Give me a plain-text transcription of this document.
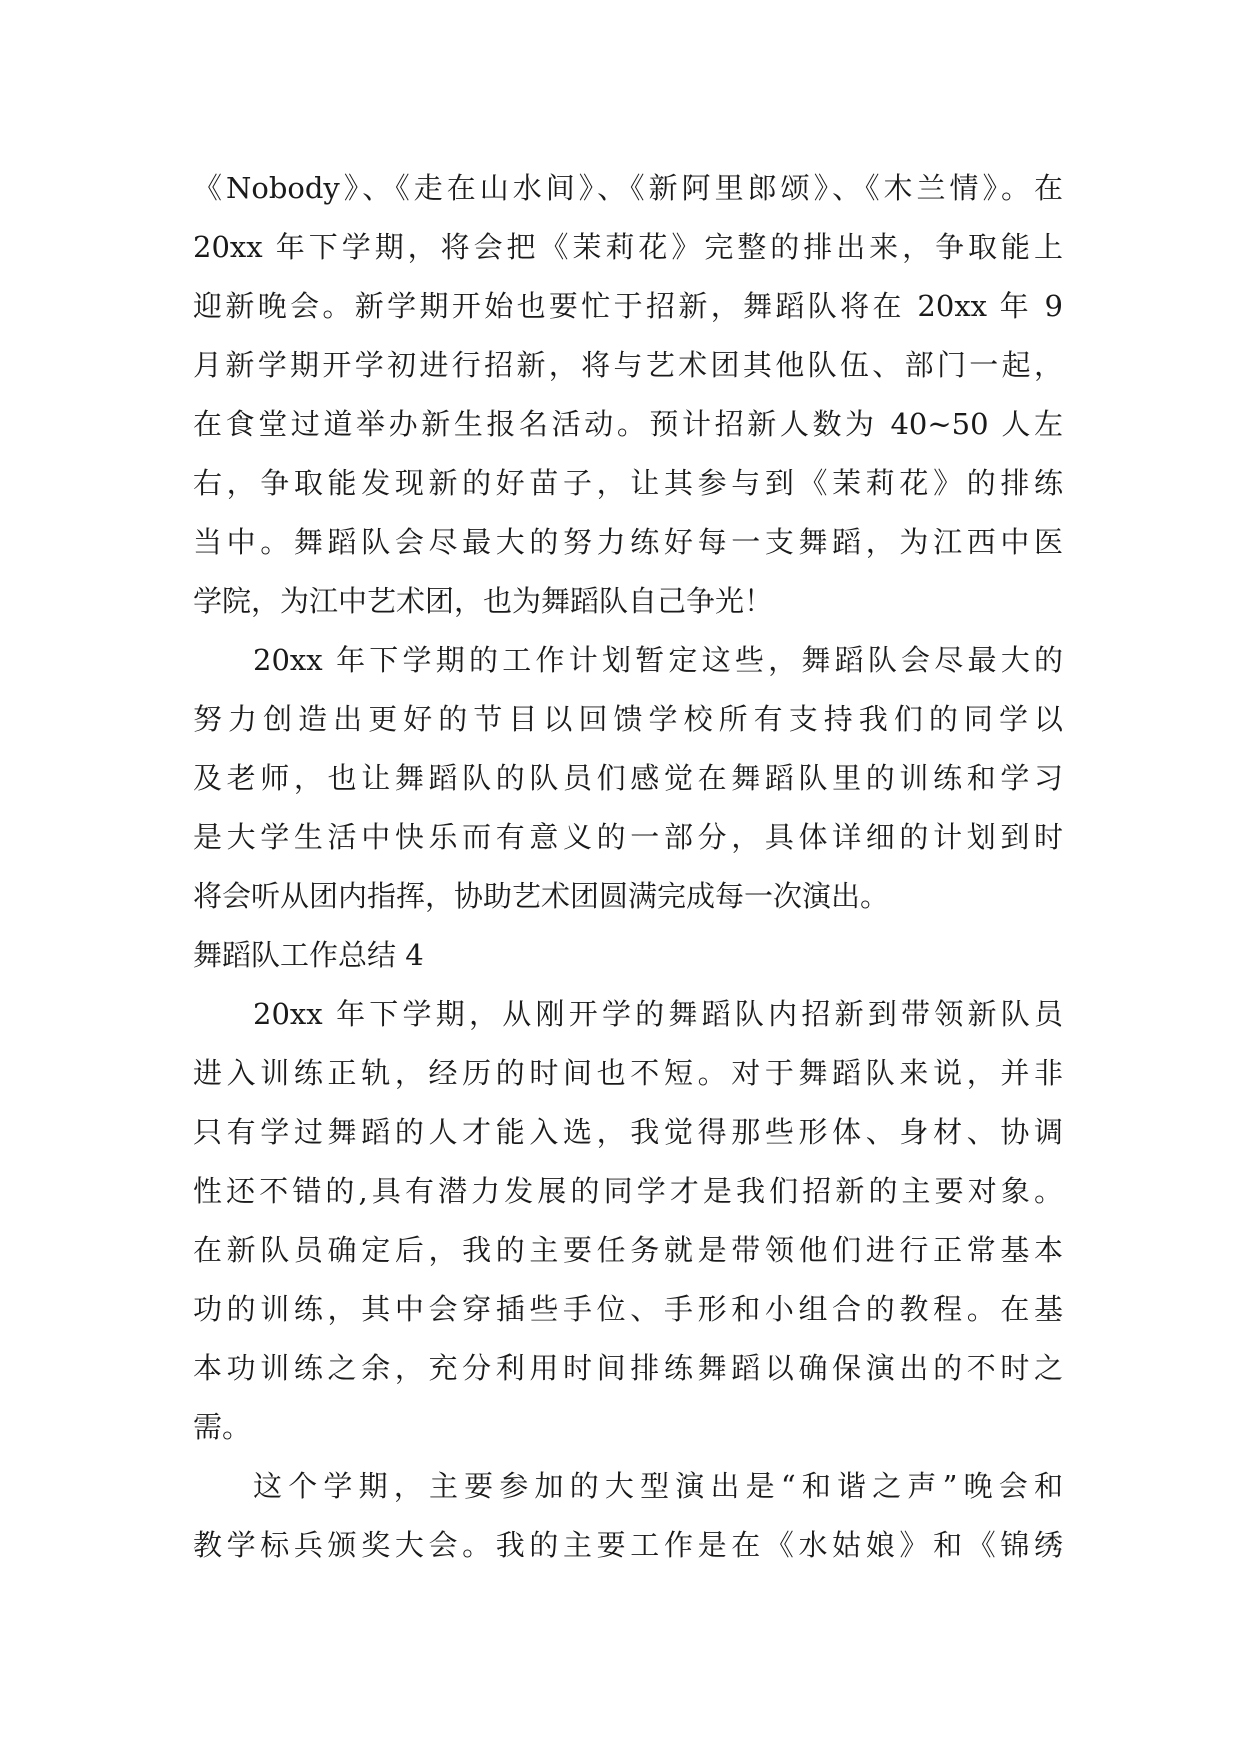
《Nobody》、《走在山水间》、《新阿里郎颂》、《木兰情》。在
20xx 年下学期，将会把《茉莉花》完整的排出来，争取能上
迎新晚会。新学期开始也要忙于招新，舞蹈队将在 20xx 年 9
月新学期开学初进行招新，将与艺术团其他队伍、部门一起，
在食堂过道举办新生报名活动。预计招新人数为 40~50 人左
右，争取能发现新的好苗子，让其参与到《茉莉花》的排练
当中。舞蹈队会尽最大的努力练好每一支舞蹈，为江西中医
学院，为江中艺术团，也为舞蹈队自己争光！
20xx 年下学期的工作计划暂定这些，舞蹈队会尽最大的
努力创造出更好的节目以回馈学校所有支持我们的同学以
及老师，也让舞蹈队的队员们感觉在舞蹈队里的训练和学习
是大学生活中快乐而有意义的一部分，具体详细的计划到时
将会听从团内指挥，协助艺术团圆满完成每一次演出。
舞蹈队工作总结 4
20xx 年下学期，从刚开学的舞蹈队内招新到带领新队员
进入训练正轨，经历的时间也不短。对于舞蹈队来说，并非
只有学过舞蹈的人才能入选，我觉得那些形体、身材、协调
性还不错的,具有潜力发展的同学才是我们招新的主要对象。
在新队员确定后，我的主要任务就是带领他们进行正常基本
功的训练，其中会穿插些手位、手形和小组合的教程。在基
本功训练之余，充分利用时间排练舞蹈以确保演出的不时之
需。
这个学期，主要参加的大型演出是“和谐之声”晚会和
教学标兵颁奖大会。我的主要工作是在《水姑娘》和《锦绣
